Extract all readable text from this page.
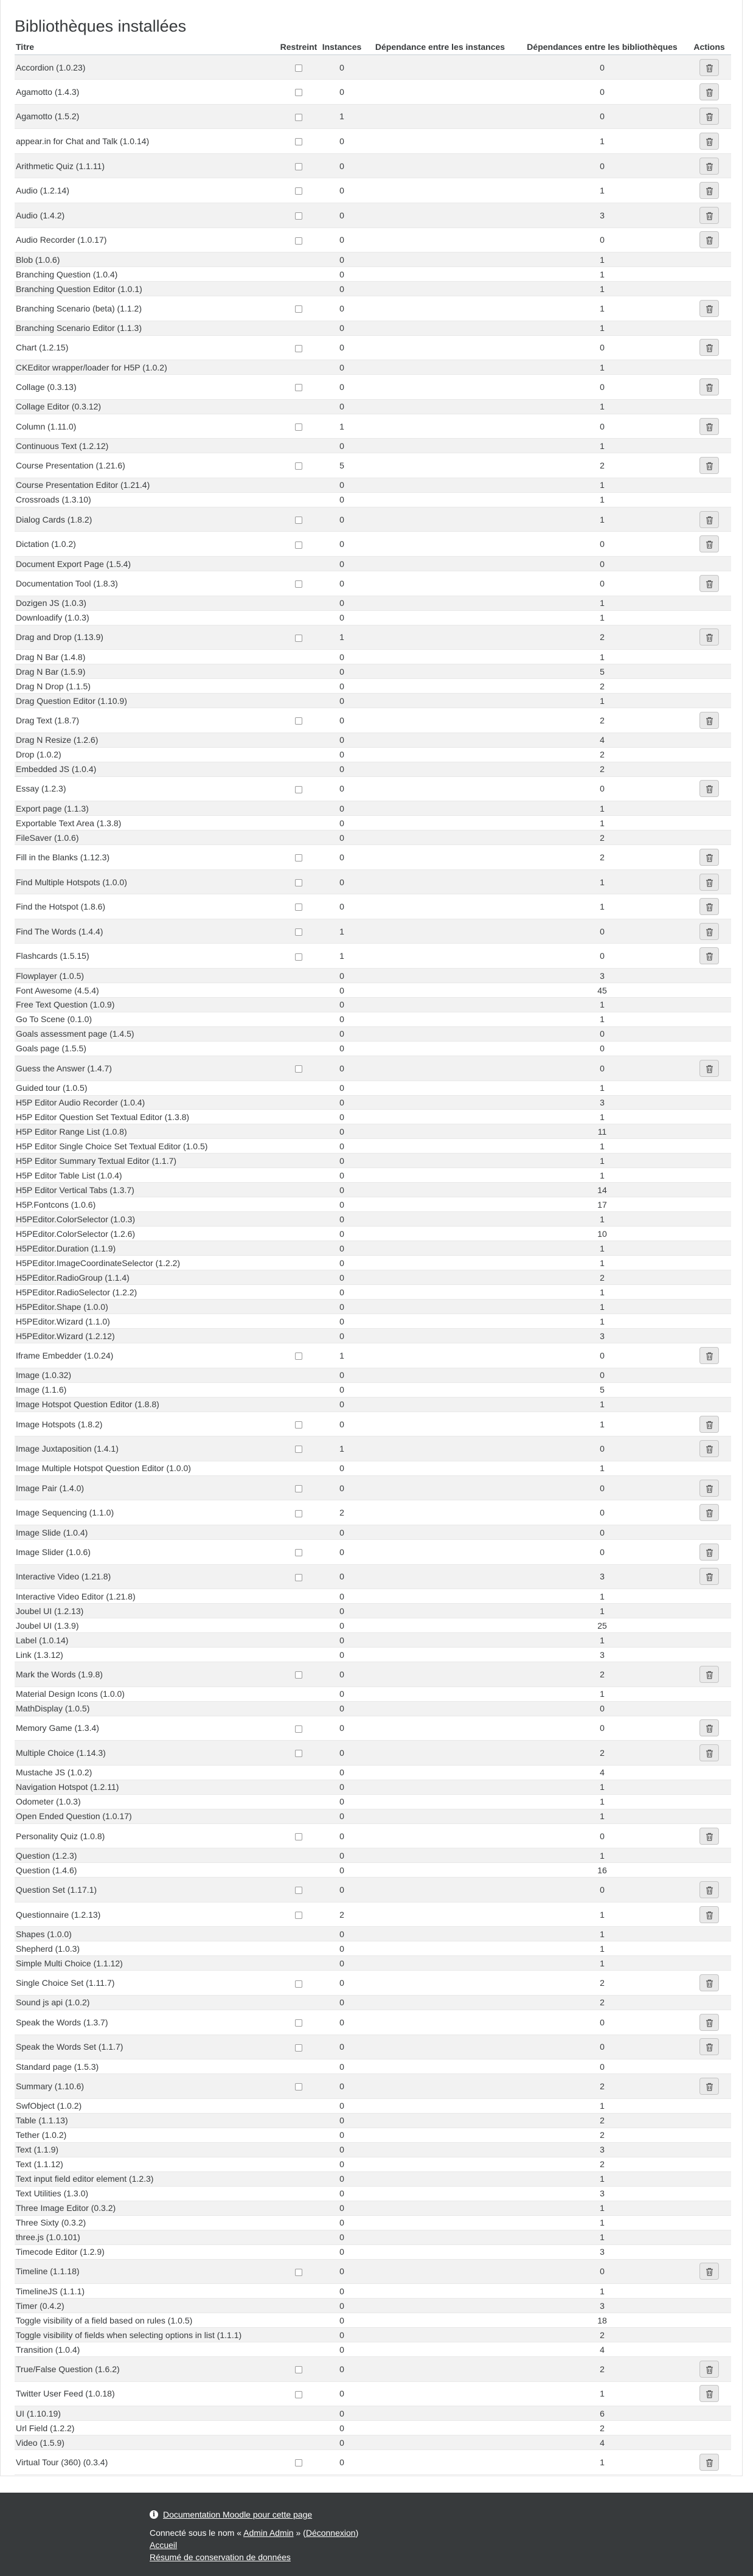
Bibliothèques installées
Titre	Restreint	Instances	Dépendance entre les instances	Dépendances entre les bibliothèques	Actions
Accordion (1.0.23)		0		0	

Agamotto (1.4.3)		0		0	

Agamotto (1.5.2)		1		0	

appear.in for Chat and Talk (1.0.14)		0		1	

Arithmetic Quiz (1.1.11)		0		0	

Audio (1.2.14)		0		1	

Audio (1.4.2)		0		3	

Audio Recorder (1.0.17)		0		0	

Blob (1.0.6)		0		1	
Branching Question (1.0.4)		0		1	
Branching Question Editor (1.0.1)		0		1	
Branching Scenario (beta) (1.1.2)		0		1	

Branching Scenario Editor (1.1.3)		0		1	
Chart (1.2.15)		0		0	

CKEditor wrapper/loader for H5P (1.0.2)		0		1	
Collage (0.3.13)		0		0	

Collage Editor (0.3.12)		0		1	
Column (1.11.0)		1		0	

Continuous Text (1.2.12)		0		1	
Course Presentation (1.21.6)		5		2	

Course Presentation Editor (1.21.4)		0		1	
Crossroads (1.3.10)		0		1	
Dialog Cards (1.8.2)		0		1	

Dictation (1.0.2)		0		0	

Document Export Page (1.5.4)		0		0	
Documentation Tool (1.8.3)		0		0	

Dozigen JS (1.0.3)		0		1	
Downloadify (1.0.3)		0		1	
Drag and Drop (1.13.9)		1		2	

Drag N Bar (1.4.8)		0		1	
Drag N Bar (1.5.9)		0		5	
Drag N Drop (1.1.5)		0		2	
Drag Question Editor (1.10.9)		0		1	
Drag Text (1.8.7)		0		2	

Drag N Resize (1.2.6)		0		4	
Drop (1.0.2)		0		2	
Embedded JS (1.0.4)		0		2	
Essay (1.2.3)		0		0	

Export page (1.1.3)		0		1	
Exportable Text Area (1.3.8)		0		1	
FileSaver (1.0.6)		0		2	
Fill in the Blanks (1.12.3)		0		2	

Find Multiple Hotspots (1.0.0)		0		1	

Find the Hotspot (1.8.6)		0		1	

Find The Words (1.4.4)		1		0	

Flashcards (1.5.15)		1		0	

Flowplayer (1.0.5)		0		3	
Font Awesome (4.5.4)		0		45	
Free Text Question (1.0.9)		0		1	
Go To Scene (0.1.0)		0		1	
Goals assessment page (1.4.5)		0		0	
Goals page (1.5.5)		0		0	
Guess the Answer (1.4.7)		0		0	

Guided tour (1.0.5)		0		1	
H5P Editor Audio Recorder (1.0.4)		0		3	
H5P Editor Question Set Textual Editor (1.3.8)		0		1	
H5P Editor Range List (1.0.8)		0		11	
H5P Editor Single Choice Set Textual Editor (1.0.5)		0		1	
H5P Editor Summary Textual Editor (1.1.7)		0		1	
H5P Editor Table List (1.0.4)		0		1	
H5P Editor Vertical Tabs (1.3.7)		0		14	
H5P.Fontcons (1.0.6)		0		17	
H5PEditor.ColorSelector (1.0.3)		0		1	
H5PEditor.ColorSelector (1.2.6)		0		10	
H5PEditor.Duration (1.1.9)		0		1	
H5PEditor.ImageCoordinateSelector (1.2.2)		0		1	
H5PEditor.RadioGroup (1.1.4)		0		2	
H5PEditor.RadioSelector (1.2.2)		0		1	
H5PEditor.Shape (1.0.0)		0		1	
H5PEditor.Wizard (1.1.0)		0		1	
H5PEditor.Wizard (1.2.12)		0		3	
Iframe Embedder (1.0.24)		1		0	

Image (1.0.32)		0		0	
Image (1.1.6)		0		5	
Image Hotspot Question Editor (1.8.8)		0		1	
Image Hotspots (1.8.2)		0		1	

Image Juxtaposition (1.4.1)		1		0	

Image Multiple Hotspot Question Editor (1.0.0)		0		1	
Image Pair (1.4.0)		0		0	

Image Sequencing (1.1.0)		2		0	

Image Slide (1.0.4)		0		0	
Image Slider (1.0.6)		0		0	

Interactive Video (1.21.8)		0		3	

Interactive Video Editor (1.21.8)		0		1	
Joubel UI (1.2.13)		0		1	
Joubel UI (1.3.9)		0		25	
Label (1.0.14)		0		1	
Link (1.3.12)		0		3	
Mark the Words (1.9.8)		0		2	

Material Design Icons (1.0.0)		0		1	
MathDisplay (1.0.5)		0		0	
Memory Game (1.3.4)		0		0	

Multiple Choice (1.14.3)		0		2	

Mustache JS (1.0.2)		0		4	
Navigation Hotspot (1.2.11)		0		1	
Odometer (1.0.3)		0		1	
Open Ended Question (1.0.17)		0		1	
Personality Quiz (1.0.8)		0		0	

Question (1.2.3)		0		1	
Question (1.4.6)		0		16	
Question Set (1.17.1)		0		0	

Questionnaire (1.2.13)		2		1	

Shapes (1.0.0)		0		1	
Shepherd (1.0.3)		0		1	
Simple Multi Choice (1.1.12)		0		1	
Single Choice Set (1.11.7)		0		2	

Sound js api (1.0.2)		0		2	
Speak the Words (1.3.7)		0		0	

Speak the Words Set (1.1.7)		0		0	

Standard page (1.5.3)		0		0	
Summary (1.10.6)		0		2	

SwfObject (1.0.2)		0		1	
Table (1.1.13)		0		2	
Tether (1.0.2)		0		2	
Text (1.1.9)		0		3	
Text (1.1.12)		0		2	
Text input field editor element (1.2.3)		0		1	
Text Utilities (1.3.0)		0		3	
Three Image Editor (0.3.2)		0		1	
Three Sixty (0.3.2)		0		1	
three.js (1.0.101)		0		1	
Timecode Editor (1.2.9)		0		3	
Timeline (1.1.18)		0		0	

TimelineJS (1.1.1)		0		1	
Timer (0.4.2)		0		3	
Toggle visibility of a field based on rules (1.0.5)		0		18	
Toggle visibility of fields when selecting options in list (1.1.1)		0		2	
Transition (1.0.4)		0		4	
True/False Question (1.6.2)		0		2	

Twitter User Feed (1.0.18)		0		1	

UI (1.10.19)		0		6	
Url Field (1.2.2)		0		2	
Video (1.5.9)		0		4	
Virtual Tour (360) (0.3.4)		0		1	
i Documentation Moodle pour cette page
Connecté sous le nom « Admin Admin » (Déconnexion)
Accueil
Résumé de conservation de données
